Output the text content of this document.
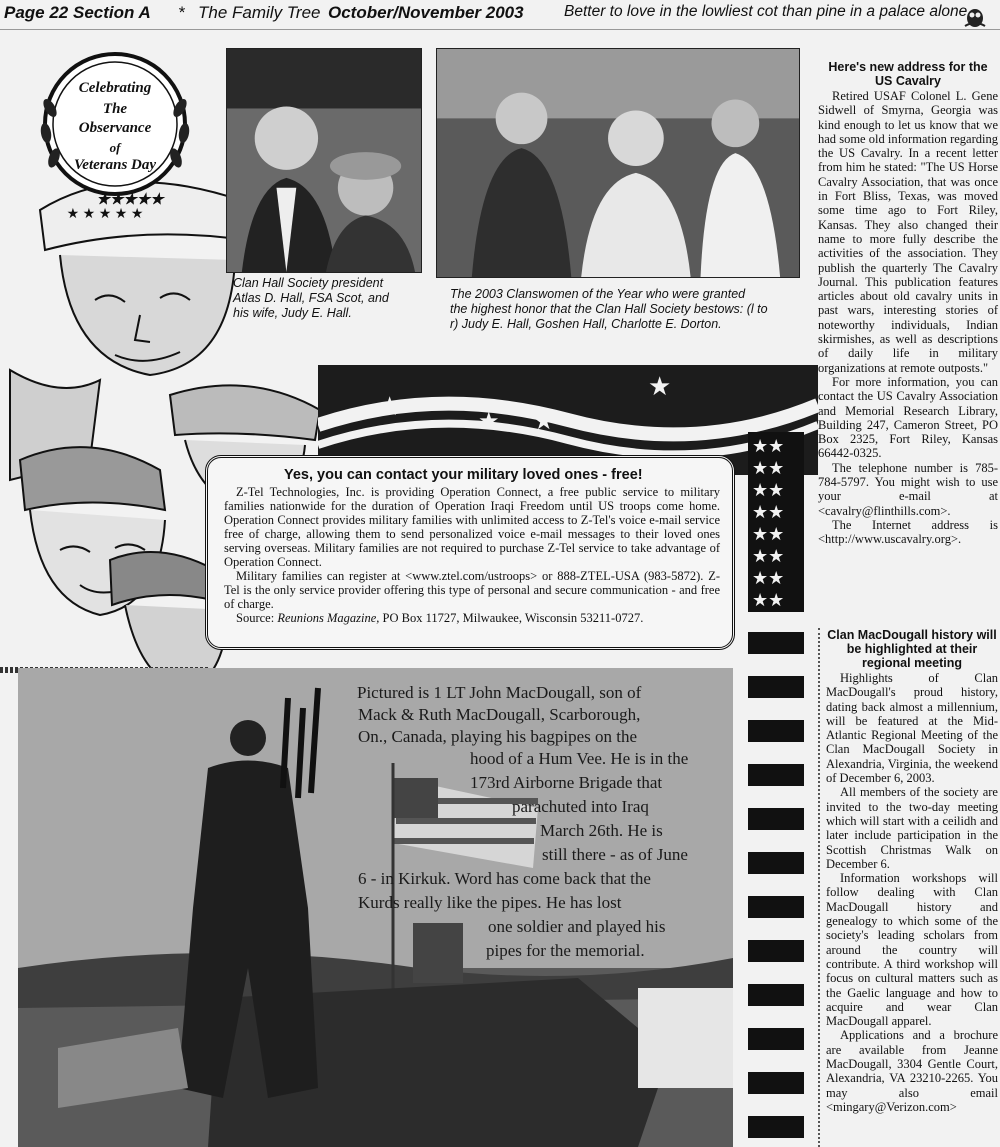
Page 22 Section A * The Family Tree October/November 2003	Better to love in the lowliest cot than pine in a palace alone
★ ★ ★ ★ ★
Celebrating
The
Observance
of
Veterans Day
★★★★★
Clan Hall Society president
Atlas D. Hall, FSA Scot, and
his wife, Judy E. Hall.
The 2003 Clanswomen of the Year who were granted
the highest honor that the Clan Hall Society bestows: (l to
r) Judy E. Hall, Goshen Hall, Charlotte E. Dorton.
★
★
★ ★
★★
★★
★★
★★
★★
★★
★★
★★
Yes, you can contact your military loved ones - free!

Z-Tel Technologies, Inc. is providing Operation Connect, a free public service to military families nationwide for the duration of Operation Iraqi Freedom until US troops come home. Operation Connect provides military families with unlimited access to Z-Tel's voice e-mail service free of charge, allowing them to send personalized voice e-mail messages to their loved ones serving overseas. Military families are not required to purchase Z-Tel service to take advantage of Operation Connect.

Military families can register at <www.ztel.com/ustroops> or 888-ZTEL-USA (983-5872). Z-Tel is the only service provider offering this type of personal and secure communication - and free of charge.

Source: Reunions Magazine, PO Box 11727, Milwaukee, Wisconsin 53211-0727.

Here's new address for the US Cavalry

Retired USAF Colonel L. Gene Sidwell of Smyrna, Georgia was kind enough to let us know that we had some old information regarding the US Cavalry. In a recent letter from him he stated: "The US Horse Cavalry Association, that was once in Fort Bliss, Texas, was moved some time ago to Fort Riley, Kansas. They also changed their name to more fully describe the activities of the association. They publish the quarterly The Cavalry Journal. This publication features articles about old cavalry units in past wars, interesting stories of noteworthy individuals, Indian skirmishes, as well as descriptions of daily life in military organizations at remote outposts."

For more information, you can contact the US Cavalry Association and Memorial Research Library, Building 247, Cameron Street, PO Box 2325, Fort Riley, Kansas 66442-0325.

The telephone number is 785-784-5797. You might wish to use your e-mail at <cavalry@flinthills.com>.

The Internet address is <http://www.uscavalry.org>.

Clan MacDougall history will be highlighted at their regional meeting

Highlights of Clan MacDougall's proud history, dating back almost a millennium, will be featured at the Mid-Atlantic Regional Meeting of the Clan MacDougall Society in Alexandria, Virginia, the weekend of December 6, 2003.

All members of the society are invited to the two-day meeting which will start with a ceilidh and later include participation in the Scottish Christmas Walk on December 6.

Information workshops will follow dealing with Clan MacDougall history and genealogy to which some of the society's leading scholars from around the country will contribute. A third workshop will focus on cultural matters such as the Gaelic language and how to acquire and wear Clan MacDougall apparel.

Applications and a brochure are available from Jeanne MacDougall, 3304 Gentle Court, Alexandria, VA 23210-2265. You may also email <mingary@Verizon.com>

Pictured is 1 LT John MacDougall, son of
Mack & Ruth MacDougall, Scarborough,
On., Canada, playing his bagpipes on the
hood of a Hum Vee. He is in the
173rd Airborne Brigade that
parachuted into Iraq
March 26th. He is
still there - as of June
6 - in Kirkuk. Word has come back that the
Kurds really like the pipes. He has lost
one soldier and played his
pipes for the memorial.
